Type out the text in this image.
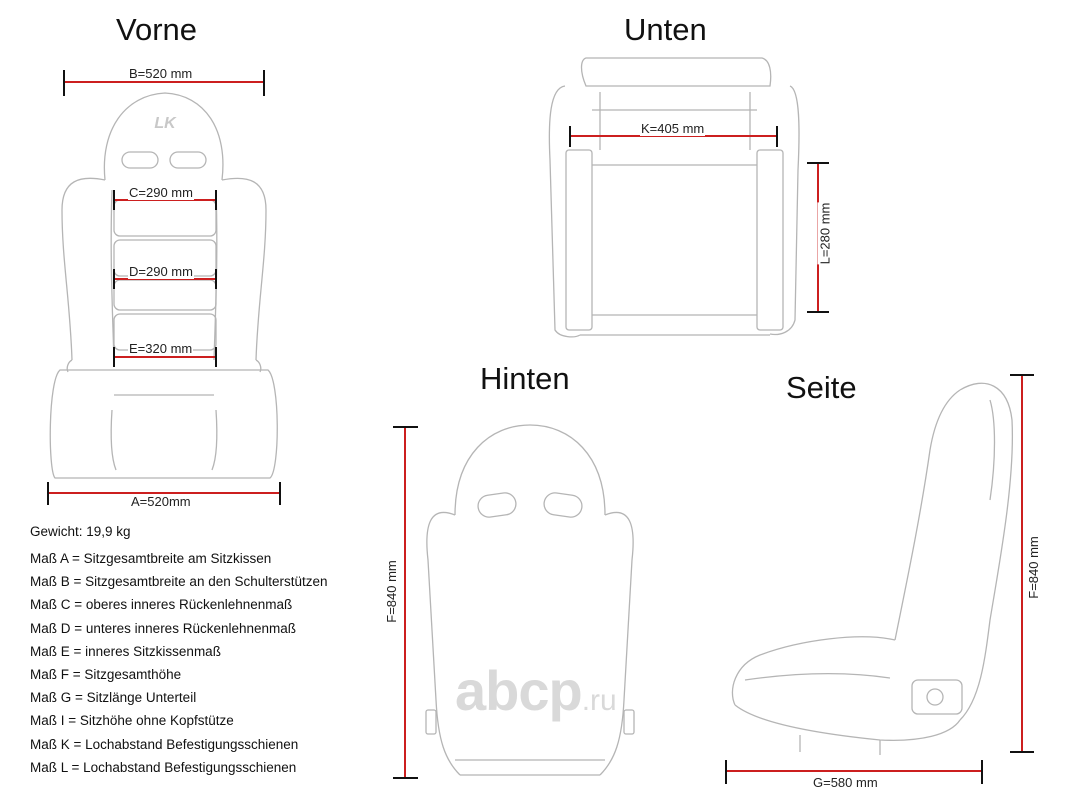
LK
Vorne	Unten
Hinten	Seite
B=520 mm
C=290 mm
D=290 mm
E=320 mm
A=520mm
K=405 mm
L=280 mm
F=840 mm	F=840 mm
G=580 mm
abcp.ru
Gewicht: 19,9 kg
Maß A = Sitzgesamtbreite am Sitzkissen
Maß B = Sitzgesamtbreite an den Schulterstützen
Maß C = oberes inneres Rückenlehnenmaß
Maß D = unteres inneres Rückenlehnenmaß
Maß E = inneres Sitzkissenmaß
Maß F = Sitzgesamthöhe
Maß G = Sitzlänge Unterteil
Maß I = Sitzhöhe ohne Kopfstütze
Maß K = Lochabstand Befestigungsschienen
Maß L = Lochabstand Befestigungsschienen
